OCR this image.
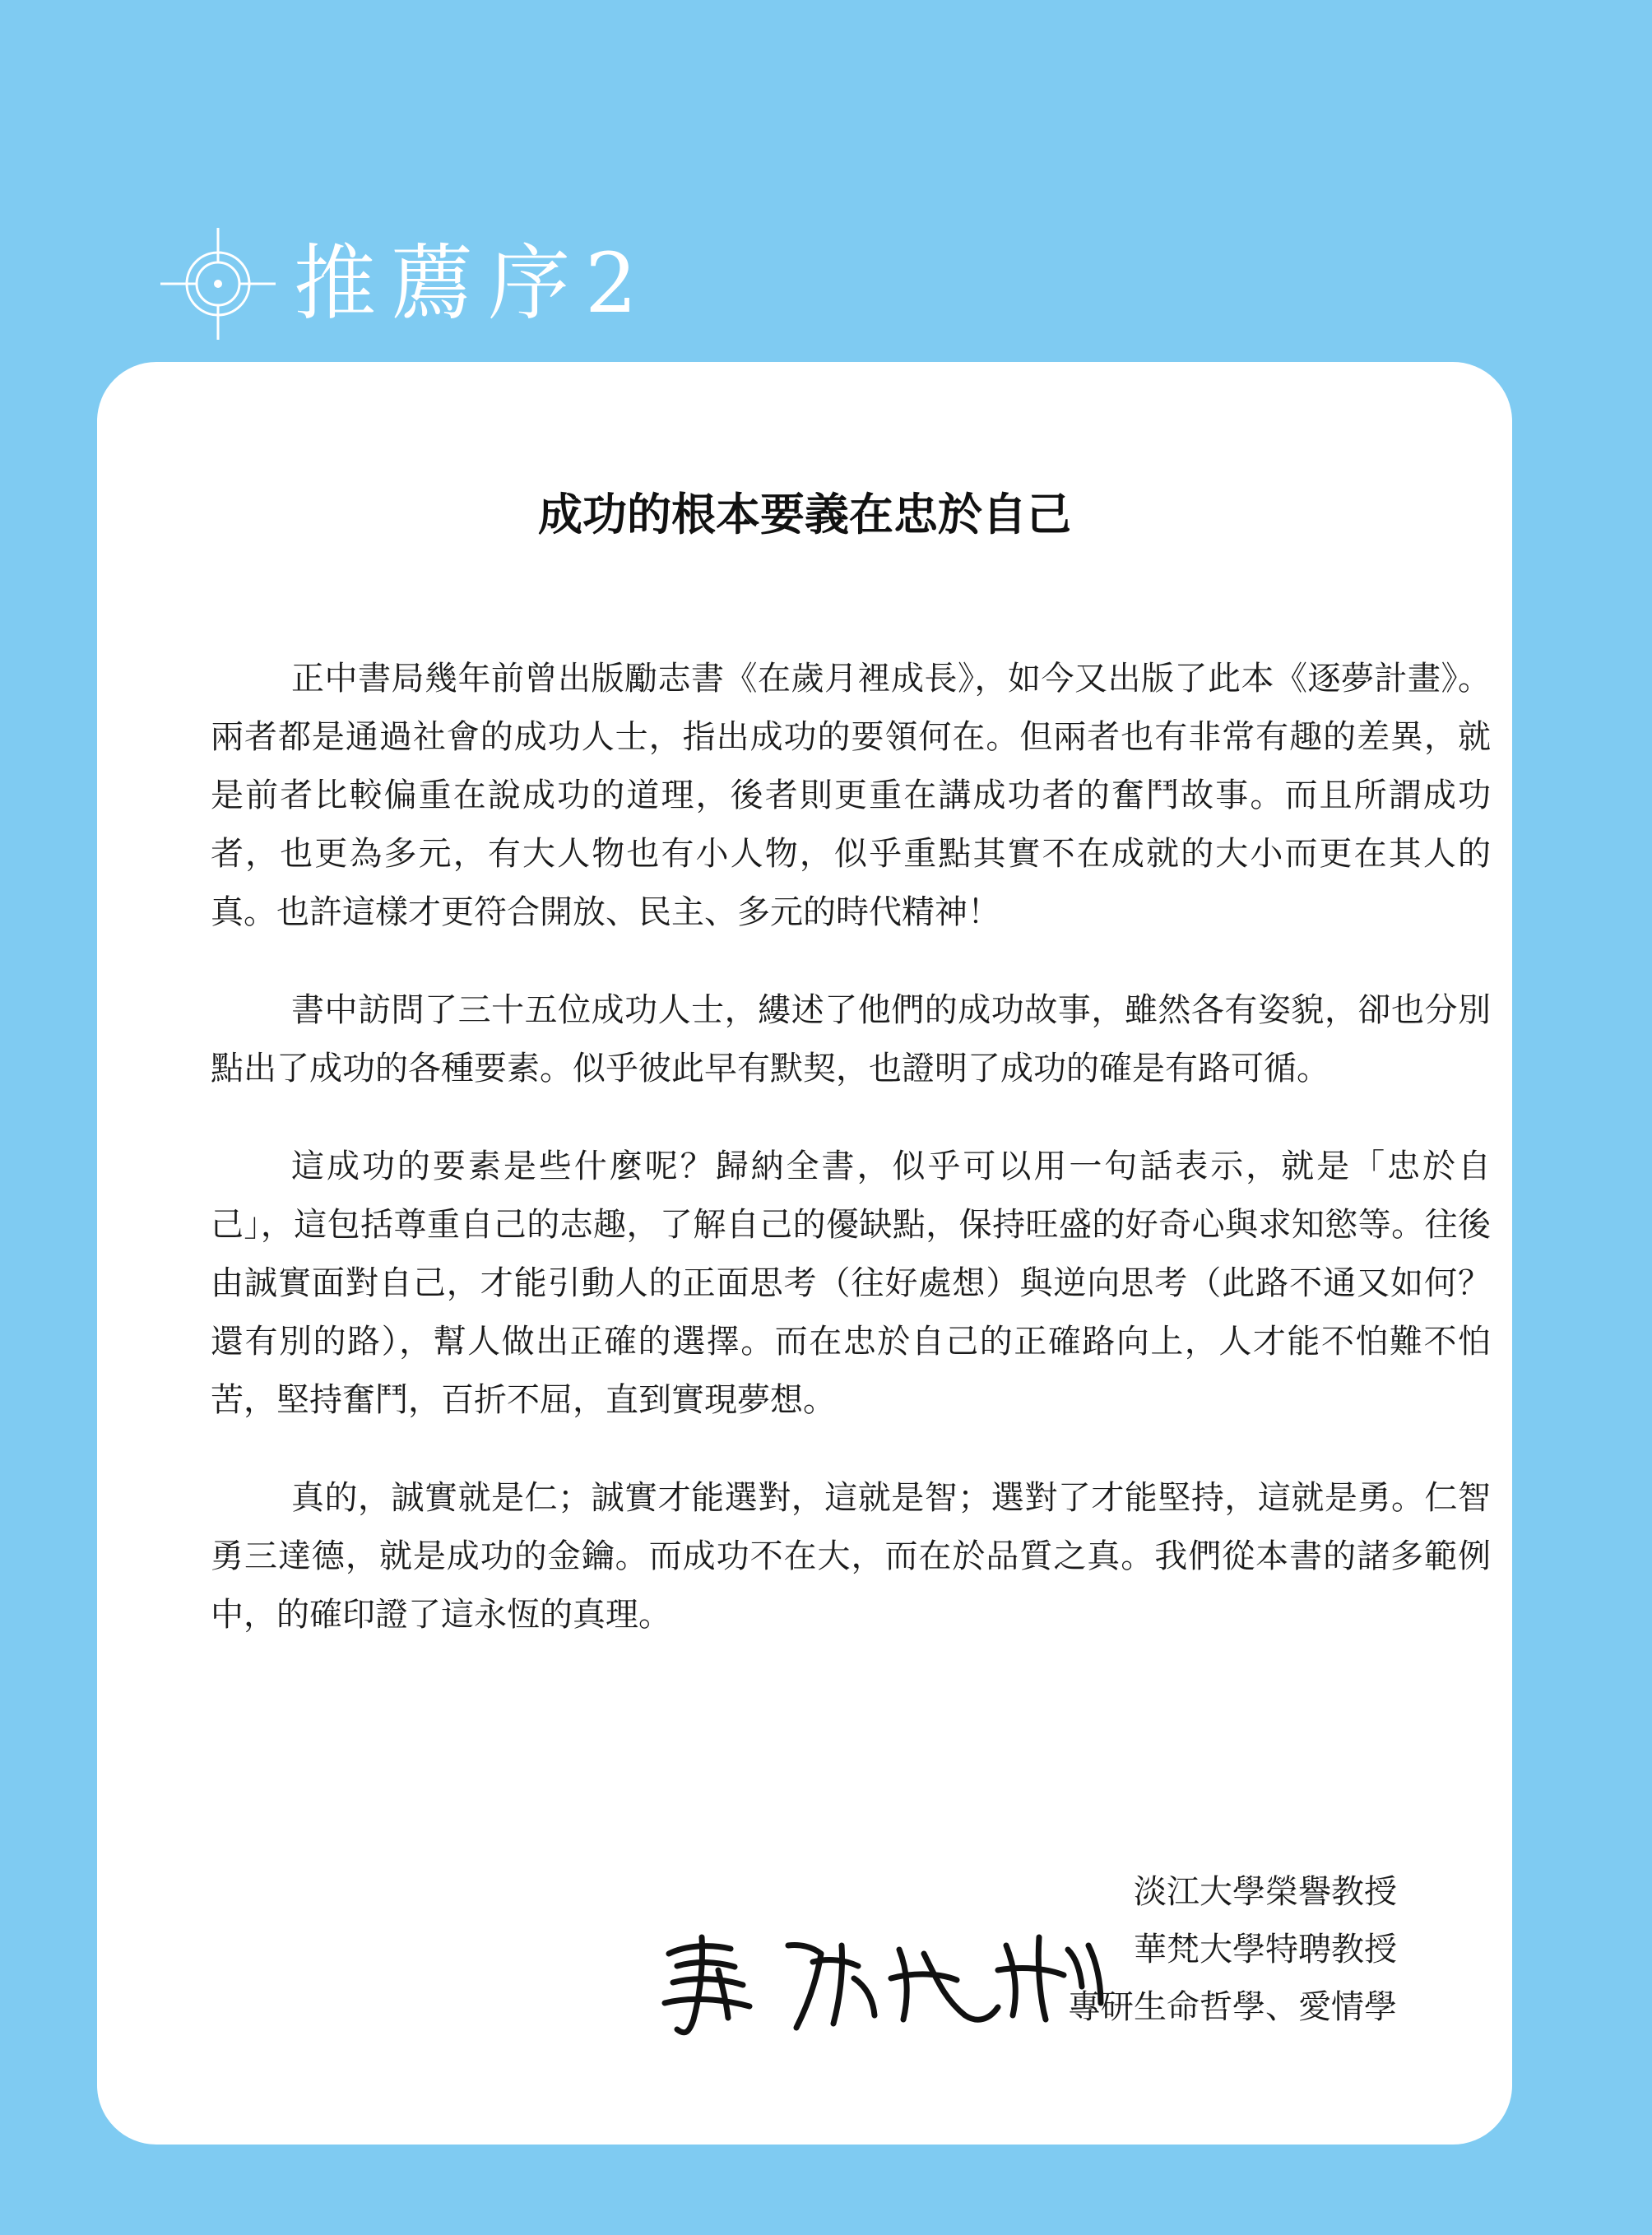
推薦序2
成功的根本要義在忠於自己

正中書局幾年前曾出版勵志書《在歲月裡成長》，如今又出版了此本《逐夢計畫》。兩者都是通過社會的成功人士，指出成功的要領何在。但兩者也有非常有趣的差異，就是前者比較偏重在說成功的道理，後者則更重在講成功者的奮鬥故事。而且所謂成功者，也更為多元，有大人物也有小人物，似乎重點其實不在成就的大小而更在其人的真。也許這樣才更符合開放、民主、多元的時代精神！

書中訪問了三十五位成功人士，縷述了他們的成功故事，雖然各有姿貌，卻也分別點出了成功的各種要素。似乎彼此早有默契，也證明了成功的確是有路可循。

這成功的要素是些什麼呢？歸納全書，似乎可以用一句話表示，就是「忠於自己」，這包括尊重自己的志趣，了解自己的優缺點，保持旺盛的好奇心與求知慾等。往後由誠實面對自己，才能引動人的正面思考（往好處想）與逆向思考（此路不通又如何？還有別的路），幫人做出正確的選擇。而在忠於自己的正確路向上，人才能不怕難不怕苦，堅持奮鬥，百折不屈，直到實現夢想。

真的，誠實就是仁；誠實才能選對，這就是智；選對了才能堅持，這就是勇。仁智勇三達德，就是成功的金鑰。而成功不在大，而在於品質之真。我們從本書的諸多範例中，的確印證了這永恆的真理。

淡江大學榮譽教授
華梵大學特聘教授
專研生命哲學、愛情學
